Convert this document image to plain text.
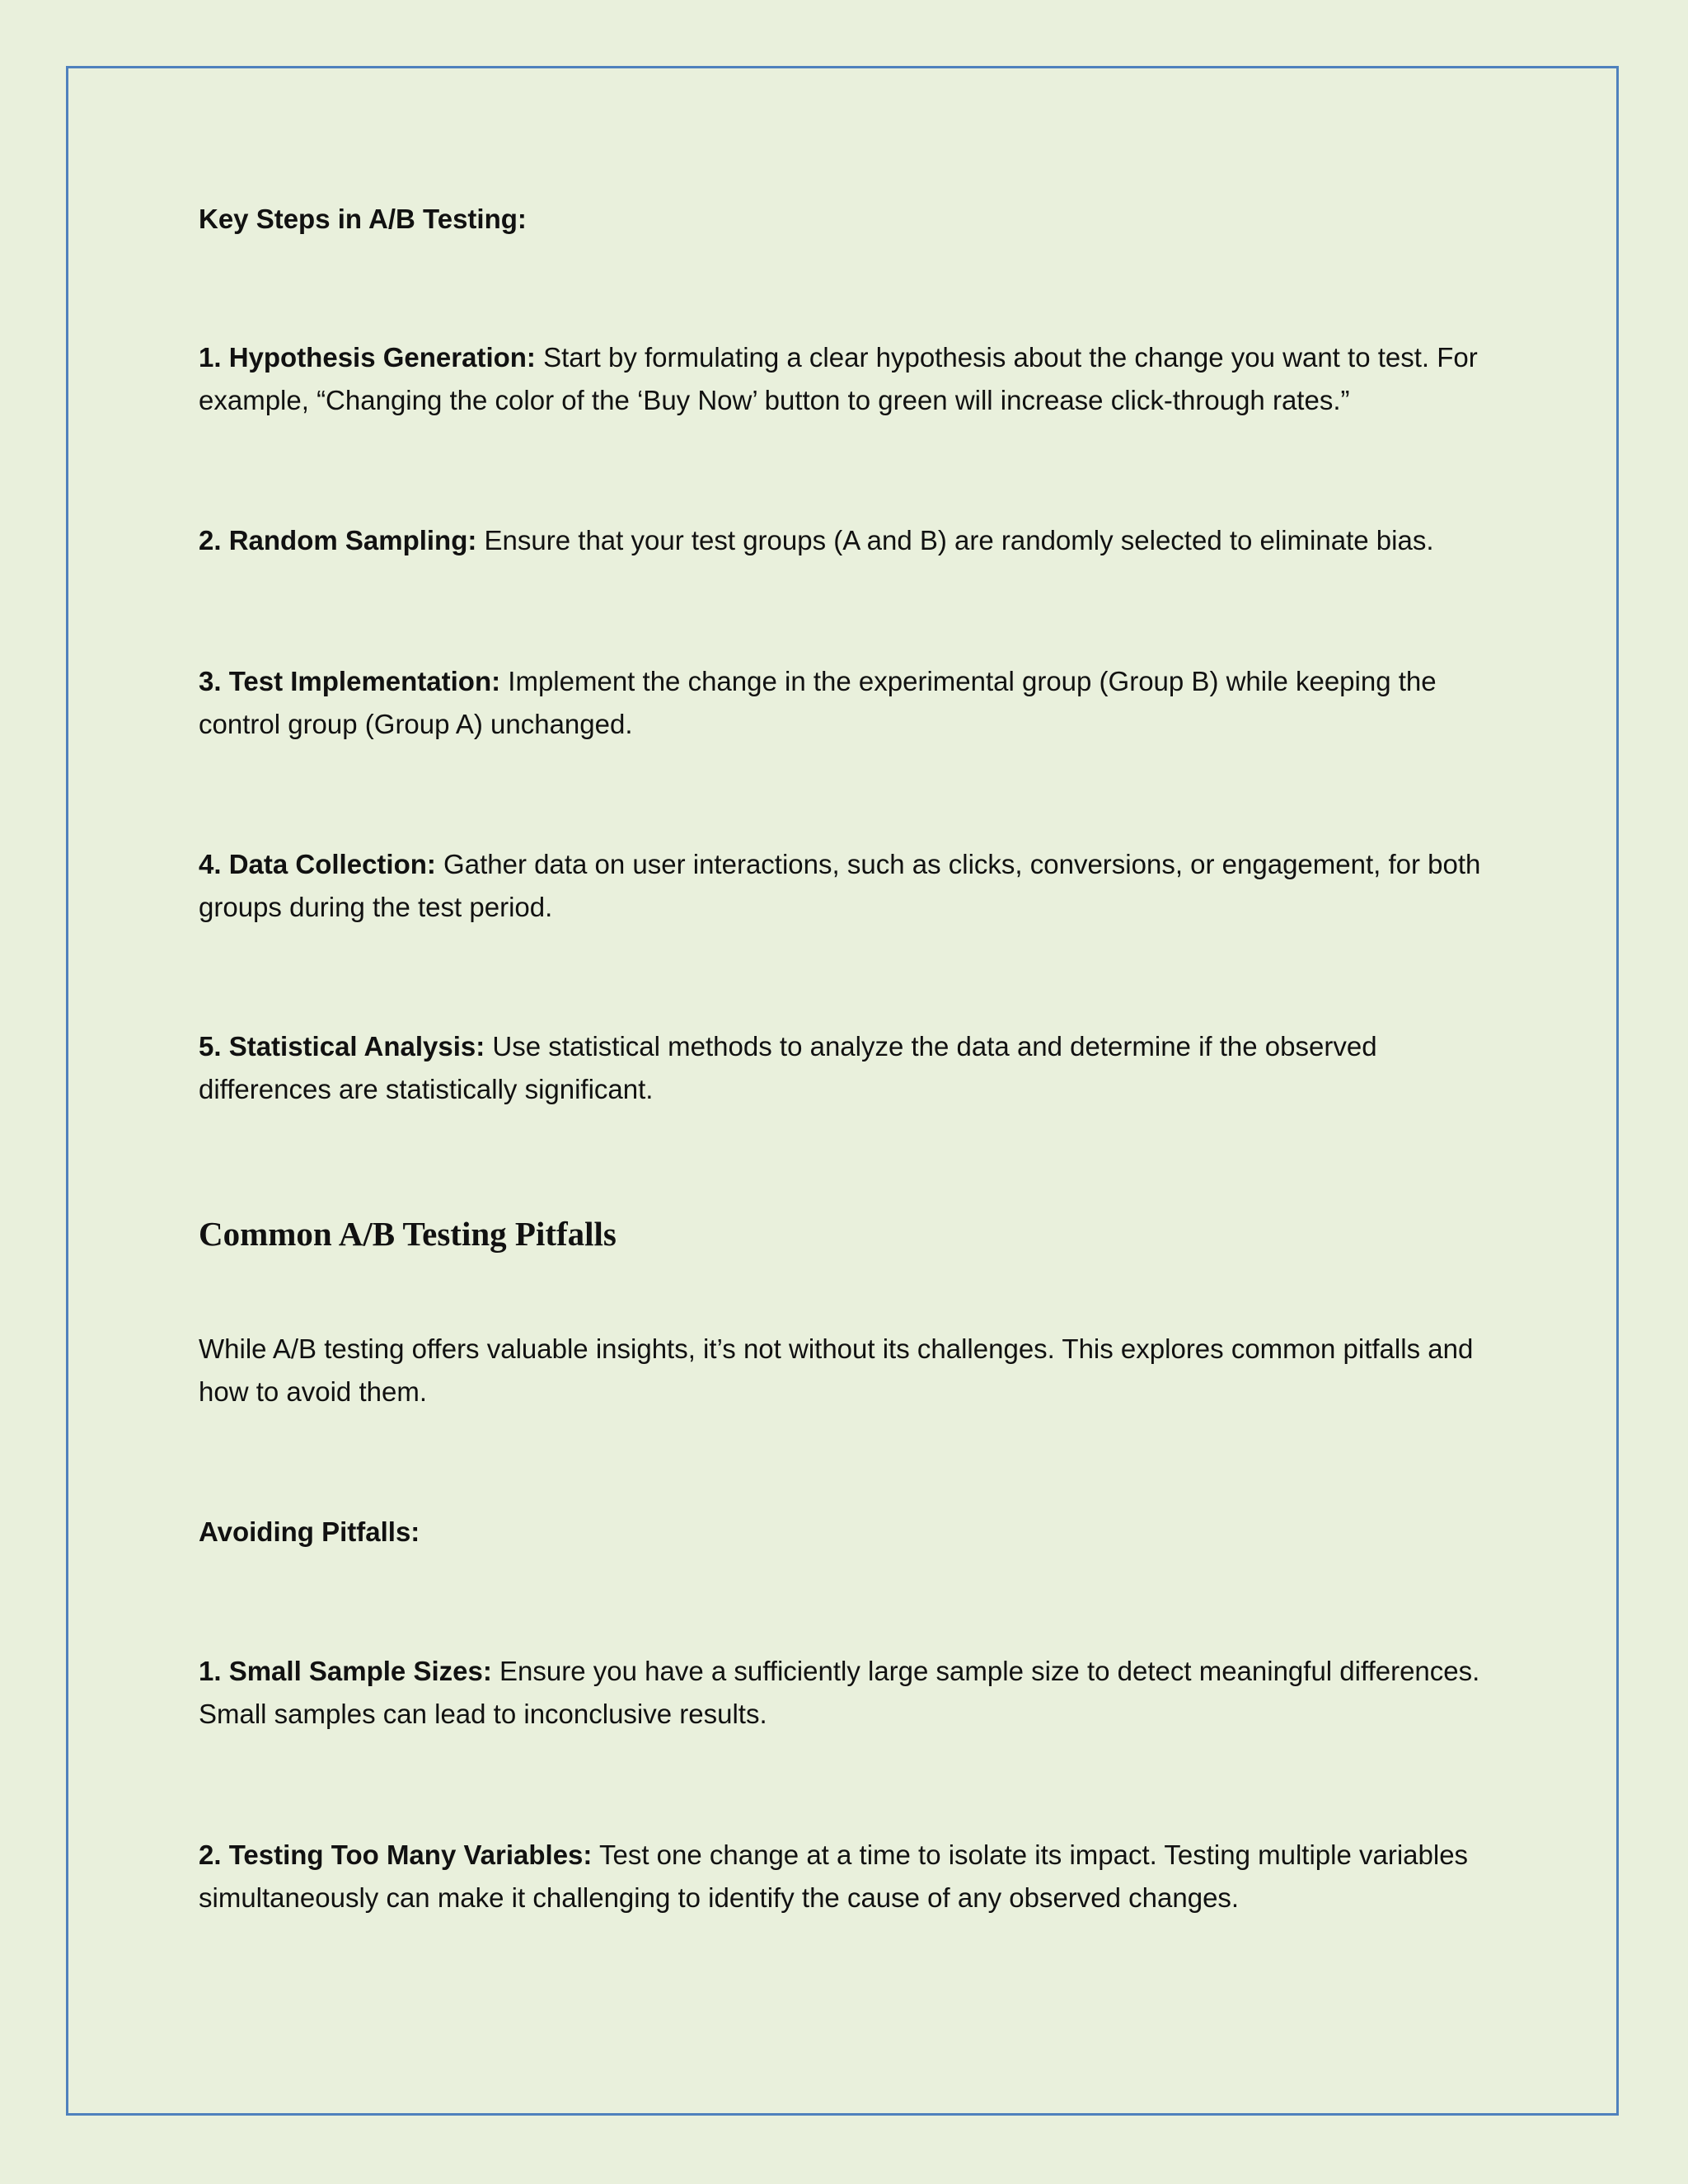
Key Steps in A/B Testing:
1. Hypothesis Generation: Start by formulating a clear hypothesis about the change you want to test. For example, “Changing the color of the ‘Buy Now’ button to green will increase click-through rates.”
2. Random Sampling: Ensure that your test groups (A and B) are randomly selected to eliminate bias.
3. Test Implementation: Implement the change in the experimental group (Group B) while keeping the control group (Group A) unchanged.
4. Data Collection: Gather data on user interactions, such as clicks, conversions, or engagement, for both groups during the test period.
5. Statistical Analysis: Use statistical methods to analyze the data and determine if the observed differences are statistically significant.
Common A/B Testing Pitfalls
While A/B testing offers valuable insights, it’s not without its challenges. This explores common pitfalls and how to avoid them.
Avoiding Pitfalls:
1. Small Sample Sizes: Ensure you have a sufficiently large sample size to detect meaningful differences. Small samples can lead to inconclusive results.
2. Testing Too Many Variables: Test one change at a time to isolate its impact. Testing multiple variables simultaneously can make it challenging to identify the cause of any observed changes.
